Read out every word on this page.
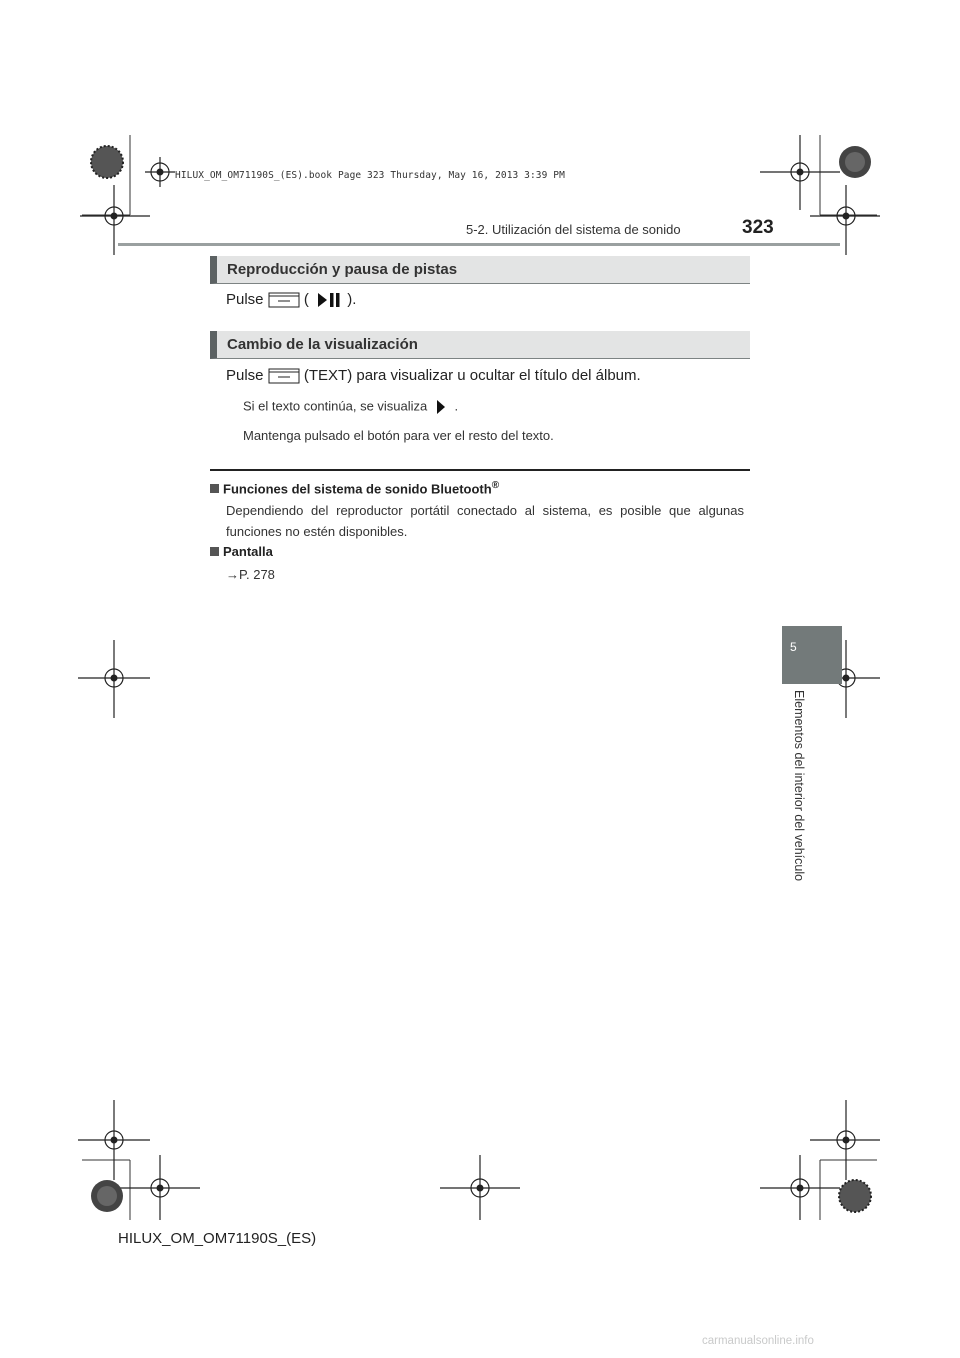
HILUX_OM_OM71190S_(ES).book Page 323 Thursday, May 16, 2013 3:39 PM
5-2. Utilización del sistema de sonido	323
Reproducción y pausa de pistas
Pulse	(	).
Cambio de la visualización
Pulse	(TEXT) para visualizar u ocultar el título del álbum.
Si el texto continúa, se visualiza .
Mantenga pulsado el botón para ver el resto del texto.
Funciones del sistema de sonido Bluetooth®
Dependiendo del reproductor portátil conectado al sistema, es posible que algunas funciones no estén disponibles.
Pantalla
→P. 278
5
Elementos del interior del vehículo
HILUX_OM_OM71190S_(ES)
carmanualsonline.info
